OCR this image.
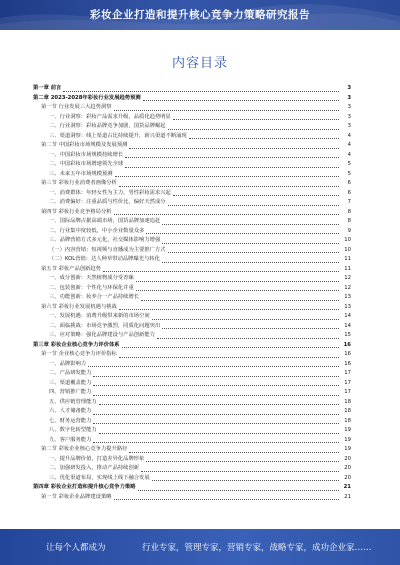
彩妆企业打造和提升核心竞争力策略研究报告
内容目录
第一章 前言	3
第二章 2023-2028年彩妆行业发展趋势预测	3
第一节 行业发展三大趋势洞察	3
一、行业洞察：彩妆产品需求升级，品质化趋势明显	3
二、行业洞察：彩妆品牌竞争加剧，国货品牌崛起	3
三、渠道洞察：线上渠道占比持续提升，新兴渠道不断涌现	4
第二节 中国彩妆市场规模及发展预测	4
一、中国彩妆市场规模持续增长	4
二、中国彩妆市场增速领先全球	5
三、未来五年市场规模预测	5
第三节 彩妆行业消费者画像分析	6
一、消费群体：年轻女性为主力，男性彩妆需求兴起	6
二、消费偏好：注重品质与性价比，偏好天然成分	7
第四节 彩妆行业竞争格局分析	8
一、国际品牌占据高端市场，国货品牌加速追赶	8
二、行业集中度较低，中小企业数量众多	9
三、品牌营销方式多元化，社交媒体影响力增强	10
（一）内容营销：短视频与直播成为主要推广方式	10
（二）KOL营销：达人种草带动品牌曝光与转化	11
第五节 彩妆产品创新趋势	11
一、成分创新：天然植物成分受青睐	12
二、包装创新：个性化与环保化并重	12
三、功能创新：妆养合一产品持续增长	13
第六节 彩妆行业发展机遇与挑战	13
一、发展机遇：消费升级带来新的市场空间	14
二、面临挑战：市场竞争激烈，同质化问题突出	14
三、应对策略：强化品牌建设与产品创新能力	15
第三章 彩妆企业核心竞争力评价体系	16
第一节 企业核心竞争力评价指标	16
一、品牌影响力	16
二、产品研发能力	17
三、渠道覆盖能力	17
四、营销推广能力	17
五、供应链管理能力	18
六、人才储备能力	18
七、财务运营能力	18
八、数字化转型能力	19
九、客户服务能力	19
第二节 彩妆企业核心竞争力提升路径	19
一、提升品牌价值，打造差异化品牌形象	20
二、加强研发投入，推动产品持续创新	20
三、优化渠道布局，实现线上线下融合发展	20
第四章 彩妆企业打造和提升核心竞争力策略	21
第一节 彩妆企业品牌建设策略	21
让每个人都成为	行业专家，管理专家，营销专家，战略专家，成功企业家……
